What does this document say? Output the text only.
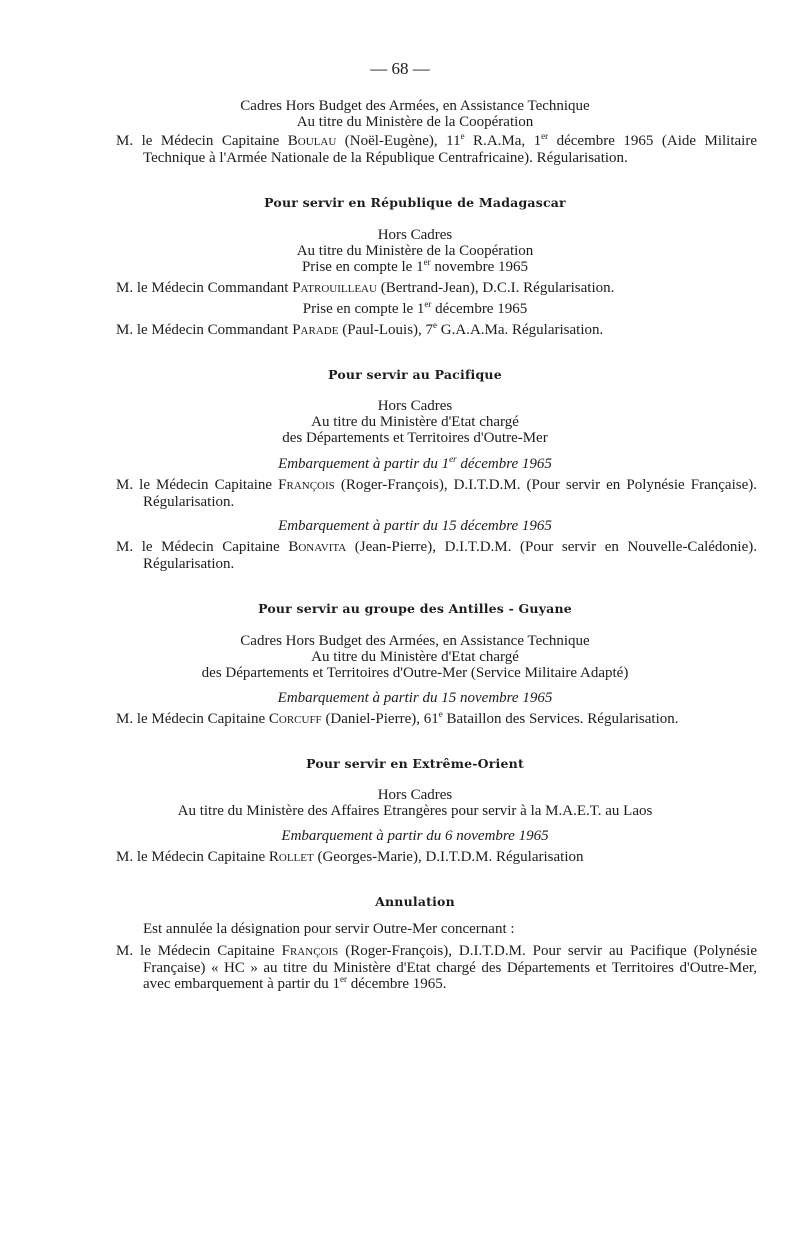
— 68 —
Cadres Hors Budget des Armées, en Assistance Technique
Au titre du Ministère de la Coopération
M. le Médecin Capitaine Boulau (Noël-Eugène), 11e R.A.Ma, 1er décembre 1965 (Aide Militaire Technique à l'Armée Nationale de la République Centrafricaine). Régularisation.
Pour servir en République de Madagascar
Hors Cadres
Au titre du Ministère de la Coopération
Prise en compte le 1er novembre 1965
M. le Médecin Commandant Patrouilleau (Bertrand-Jean), D.C.I. Régularisation.
Prise en compte le 1er décembre 1965
M. le Médecin Commandant Parade (Paul-Louis), 7e G.A.A.Ma. Régularisation.
Pour servir au Pacifique
Hors Cadres
Au titre du Ministère d'Etat chargé
des Départements et Territoires d'Outre-Mer
Embarquement à partir du 1er décembre 1965
M. le Médecin Capitaine François (Roger-François), D.I.T.D.M. (Pour servir en Polynésie Française). Régularisation.
Embarquement à partir du 15 décembre 1965
M. le Médecin Capitaine Bonavita (Jean-Pierre), D.I.T.D.M. (Pour servir en Nouvelle-Calédonie). Régularisation.
Pour servir au groupe des Antilles - Guyane
Cadres Hors Budget des Armées, en Assistance Technique
Au titre du Ministère d'Etat chargé
des Départements et Territoires d'Outre-Mer (Service Militaire Adapté)
Embarquement à partir du 15 novembre 1965
M. le Médecin Capitaine Corcuff (Daniel-Pierre), 61e Bataillon des Services. Régularisation.
Pour servir en Extrême-Orient
Hors Cadres
Au titre du Ministère des Affaires Etrangères pour servir à la M.A.E.T. au Laos
Embarquement à partir du 6 novembre 1965
M. le Médecin Capitaine Rollet (Georges-Marie), D.I.T.D.M. Régularisation
Annulation
Est annulée la désignation pour servir Outre-Mer concernant :
M. le Médecin Capitaine François (Roger-François), D.I.T.D.M. Pour servir au Pacifique (Polynésie Française) « HC » au titre du Ministère d'Etat chargé des Départements et Territoires d'Outre-Mer, avec embarquement à partir du 1er décembre 1965.
